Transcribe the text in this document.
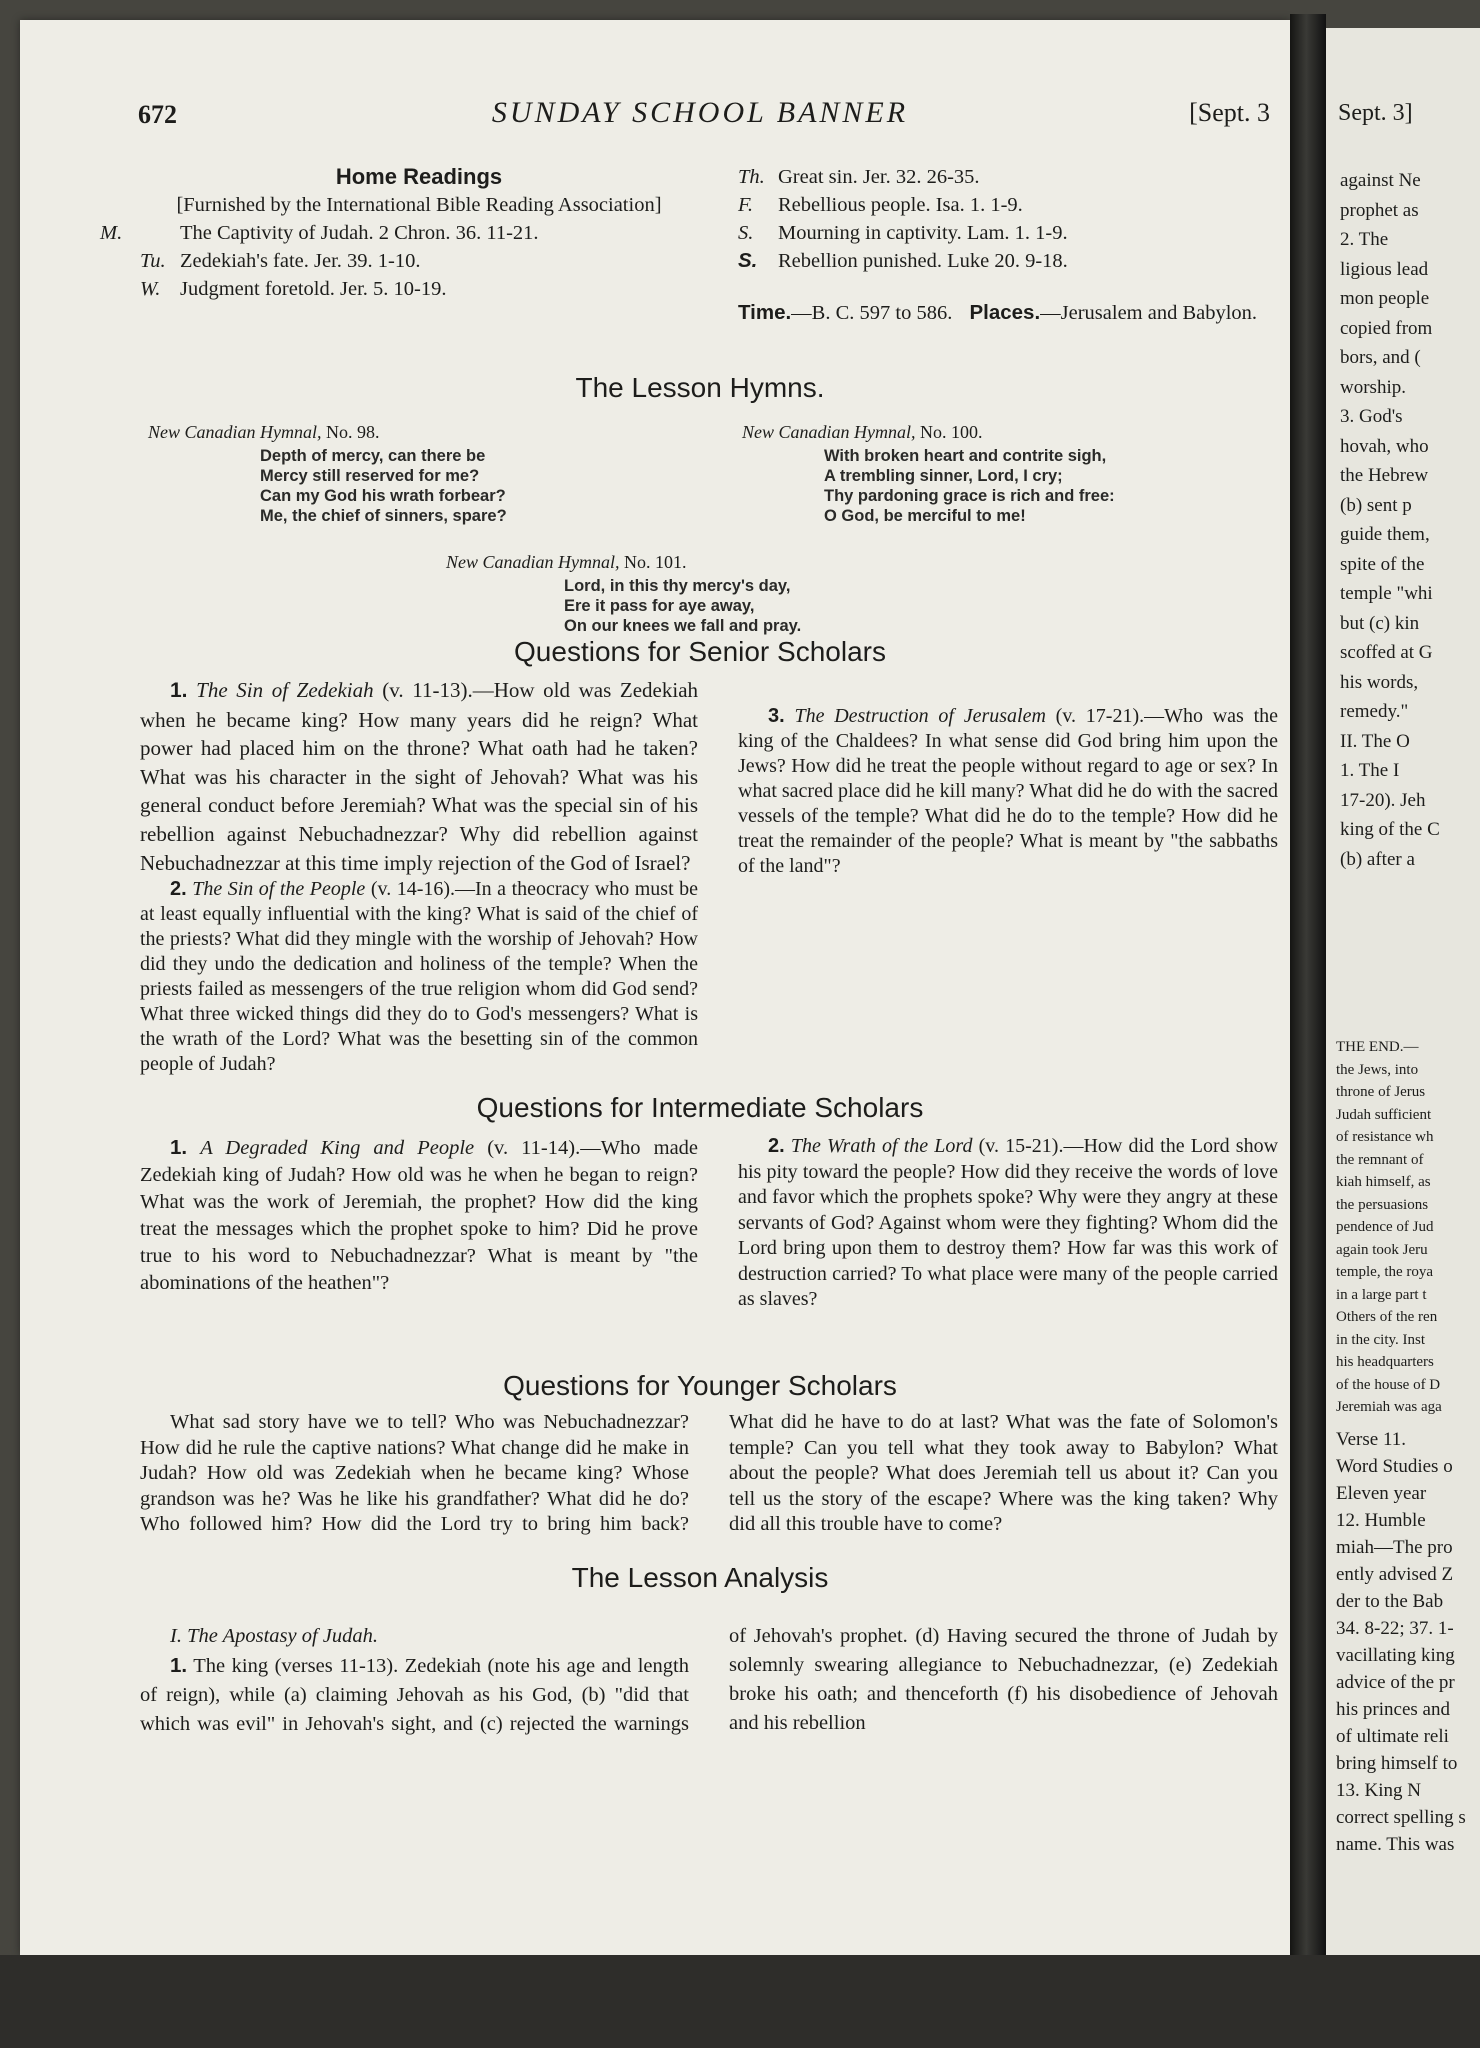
672	SUNDAY SCHOOL BANNER	[Sept. 3

Home Readings

[Furnished by the International Bible Reading Association]

M.	The Captivity of Judah. 2 Chron. 36. 11-21.

Tu. Zedekiah's fate. Jer. 39. 1-10.

W. Judgment foretold. Jer. 5. 10-19.

Th. Great sin. Jer. 32. 26-35.

F. Rebellious people. Isa. 1. 1-9.

S. Mourning in captivity. Lam. 1. 1-9.

S. Rebellion punished. Luke 20. 9-18.

Time.—B. C. 597 to 586. Places.—Jerusalem and Babylon.

The Lesson Hymns.

New Canadian Hymnal, No. 98.

Depth of mercy, can there be
Mercy still reserved for me?
Can my God his wrath forbear?
Me, the chief of sinners, spare?

New Canadian Hymnal, No. 100.

With broken heart and contrite sigh,
A trembling sinner, Lord, I cry;
Thy pardoning grace is rich and free:
O God, be merciful to me!

New Canadian Hymnal, No. 101.

Lord, in this thy mercy's day,
Ere it pass for aye away,
On our knees we fall and pray.
Questions for Senior Scholars

1. The Sin of Zedekiah (v. 11-13).—How old was Zedekiah when he became king? How many years did he reign? What power had placed him on the throne? What oath had he taken? What was his character in the sight of Jehovah? What was his general conduct before Jeremiah? What was the special sin of his rebellion against Nebuchadnezzar? Why did rebellion against Nebuchadnezzar at this time imply rejection of the God of Israel?

2. The Sin of the People (v. 14-16).—In a theocracy who must be at least equally influential with the king? What is said of the chief of the priests? What did they mingle with the worship of Jehovah? How did they undo the dedication and holiness of the temple? When the priests failed as messengers of the true religion whom did God send? What three wicked things did they do to God's messengers? What is the wrath of the Lord? What was the besetting sin of the common people of Judah?

3. The Destruction of Jerusalem (v. 17-21).—Who was the king of the Chaldees? In what sense did God bring him upon the Jews? How did he treat the people without regard to age or sex? In what sacred place did he kill many? What did he do with the sacred vessels of the temple? What did he do to the temple? How did he treat the remainder of the people? What is meant by "the sabbaths of the land"?

Questions for Intermediate Scholars

1. A Degraded King and People (v. 11-14).—Who made Zedekiah king of Judah? How old was he when he began to reign? What was the work of Jeremiah, the prophet? How did the king treat the messages which the prophet spoke to him? Did he prove true to his word to Nebuchadnezzar? What is meant by "the abominations of the heathen"?

2. The Wrath of the Lord (v. 15-21).—How did the Lord show his pity toward the people? How did they receive the words of love and favor which the prophets spoke? Why were they angry at these servants of God? Against whom were they fighting? Whom did the Lord bring upon them to destroy them? How far was this work of destruction carried? To what place were many of the people carried as slaves?

Questions for Younger Scholars

What sad story have we to tell? Who was Nebuchadnezzar? How did he rule the captive nations? What change did he make in Judah? How old was Zedekiah when he became king? Whose grandson was he? Was he like his grandfather? What did he do? Who followed him? How did the Lord try to bring him back? What did he have to do at last? What was the fate of Solomon's temple? Can you tell what they took away to Babylon? What about the people? What does Jeremiah tell us about it? Can you tell us the story of the escape? Where was the king taken? Why did all this trouble have to come?

The Lesson Analysis

I. The Apostasy of Judah.

1. The king (verses 11-13). Zedekiah (note his age and length of reign), while (a) claiming Jehovah as his God, (b) "did that which was evil" in Jehovah's sight, and (c) rejected the warnings of Jehovah's prophet. (d) Having secured the throne of Judah by solemnly swearing allegiance to Nebuchadnezzar, (e) Zedekiah broke his oath; and thenceforth (f) his disobedience of Jehovah and his rebellion

Sept. 3]
against Ne
prophet as
2. The
ligious lead
mon people
copied from
bors, and (
worship.
3. God's
hovah, who
the Hebrew
(b) sent p
guide them,
spite of the
temple "whi
but (c) kin
scoffed at G
his words,
remedy."
II. The O
1. The I
17-20). Jeh
king of the C
(b) after a
THE END.—
the Jews, into
throne of Jerus
Judah sufficient
of resistance wh
the remnant of
kiah himself, as
the persuasions
pendence of Jud
again took Jeru
temple, the roya
in a large part t
Others of the ren
in the city. Inst
his headquarters
of the house of D
Jeremiah was aga
Verse 11.
Word Studies o
Eleven year
12. Humble
miah—The pro
ently advised Z
der to the Bab
34. 8-22; 37. 1-
vacillating king
advice of the pr
his princes and
of ultimate reli
bring himself to
13. King N
correct spelling s
name. This was
